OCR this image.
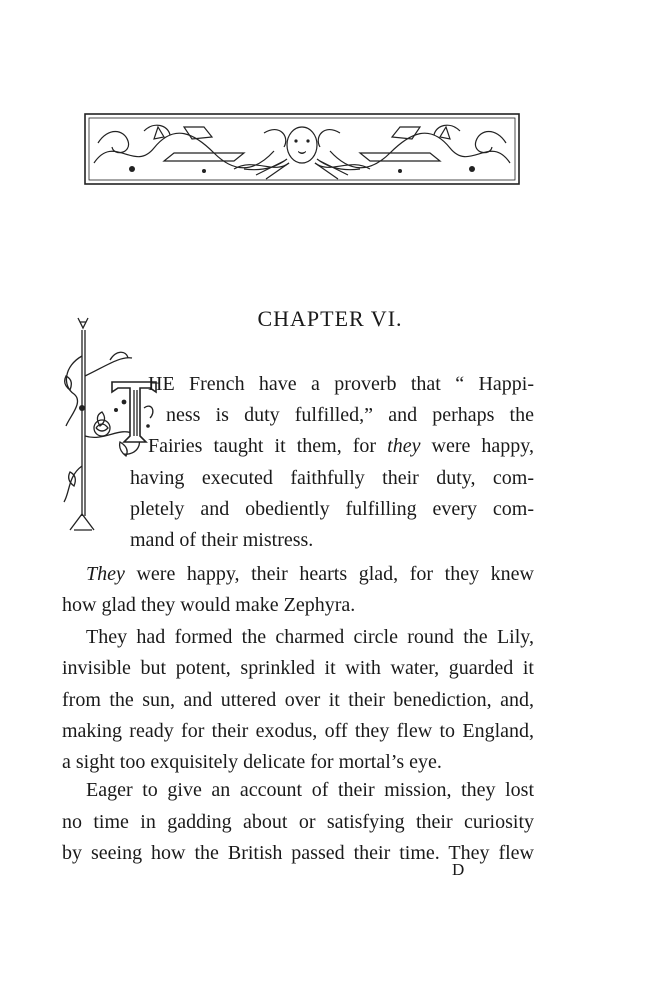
CHAPTER VI.
HE French have a proverb that “ Happi-
ness is duty fulfilled,” and perhaps the
Fairies taught it them, for they were happy,
having executed faithfully their duty, com-
pletely and obediently fulfilling every com-
mand of their mistress.
They were happy, their hearts glad, for they knew
how glad they would make Zephyra.
They had formed the charmed circle round the Lily,
invisible but potent, sprinkled it with water, guarded it
from the sun, and uttered over it their benediction, and,
making ready for their exodus, off they flew to England,
a sight too exquisitely delicate for mortal’s eye.
Eager to give an account of their mission, they lost
no time in gadding about or satisfying their curiosity
by seeing how the British passed their time. They flew
D
